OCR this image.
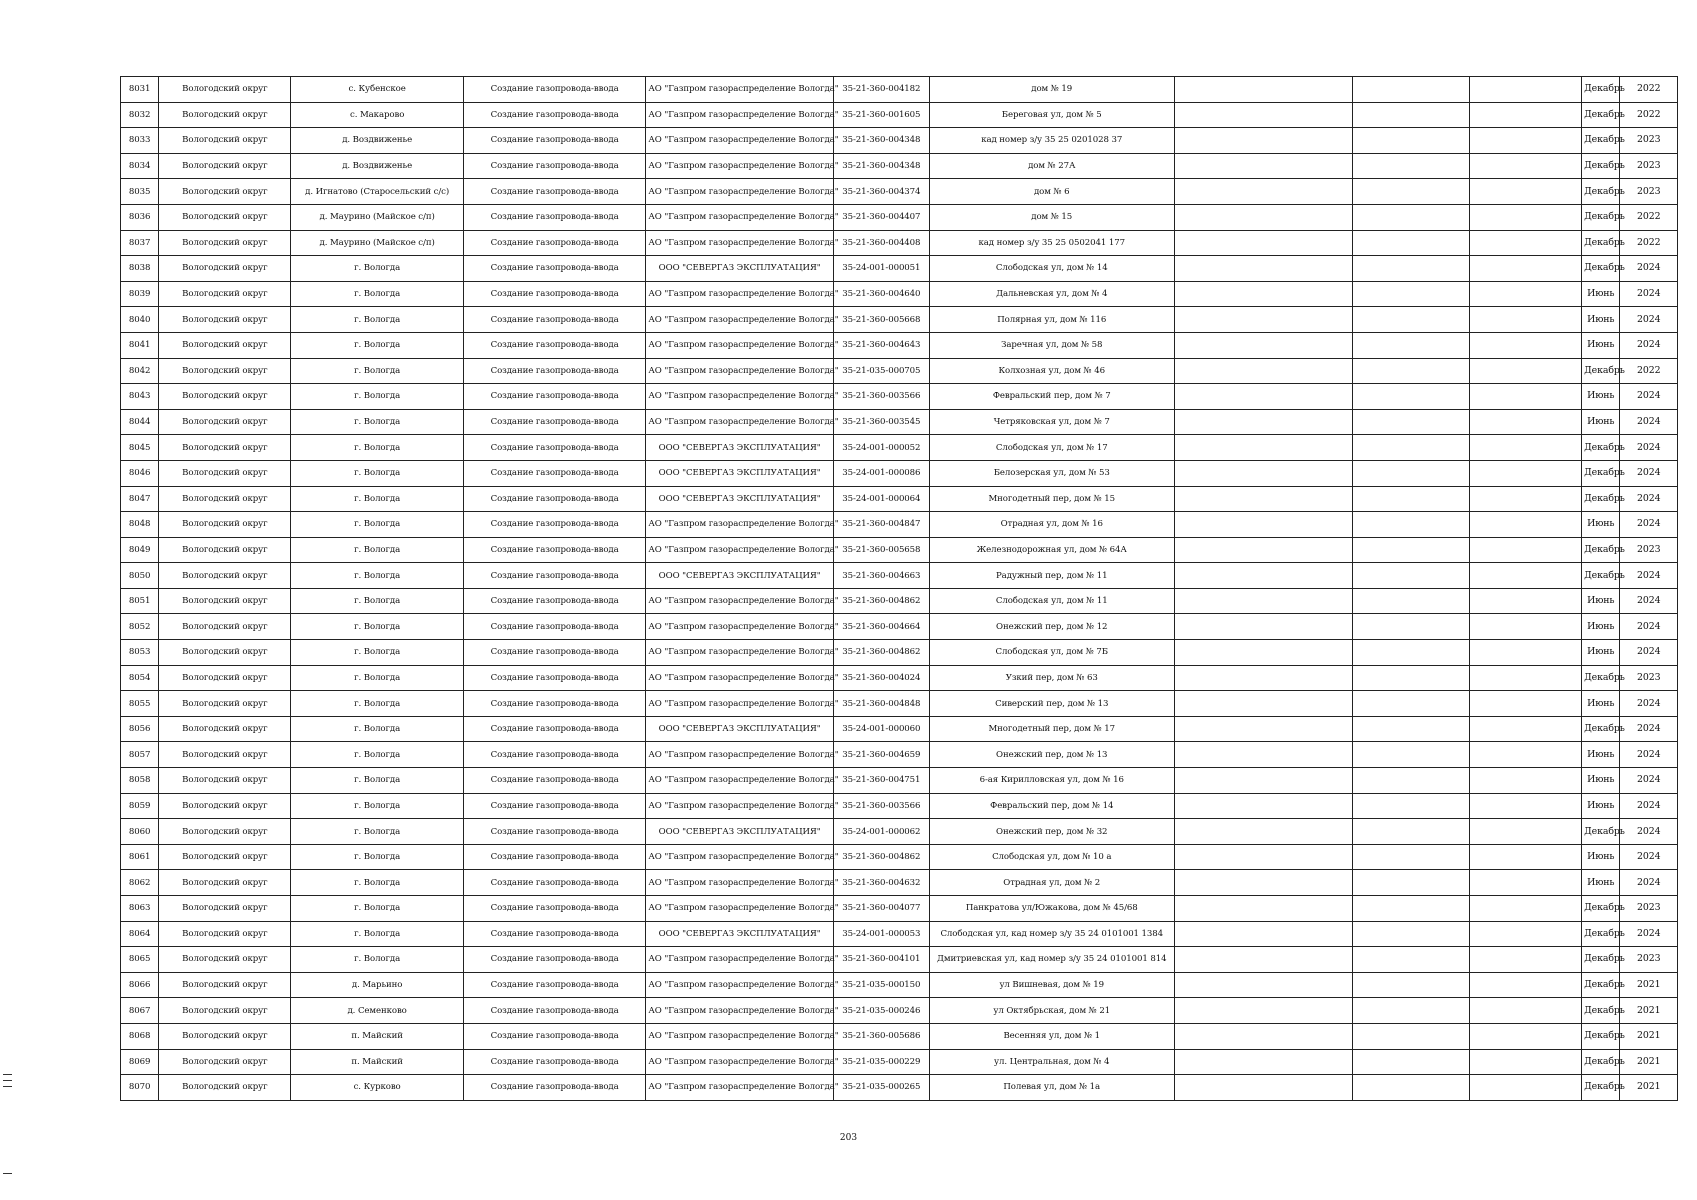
8031	Вологодский округ	с. Кубенское	Создание газопровода-ввода	АО "Газпром газораспределение Вологда"	35-21-360-004182	дом № 19				Декабрь	2022
8032	Вологодский округ	с. Макарово	Создание газопровода-ввода	АО "Газпром газораспределение Вологда"	35-21-360-001605	Береговая ул, дом № 5				Декабрь	2022
8033	Вологодский округ	д. Воздвиженье	Создание газопровода-ввода	АО "Газпром газораспределение Вологда"	35-21-360-004348	кад номер з/у 35 25 0201028 37				Декабрь	2023
8034	Вологодский округ	д. Воздвиженье	Создание газопровода-ввода	АО "Газпром газораспределение Вологда"	35-21-360-004348	дом № 27А				Декабрь	2023
8035	Вологодский округ	д. Игнатово (Старосельский с/с)	Создание газопровода-ввода	АО "Газпром газораспределение Вологда"	35-21-360-004374	дом № 6				Декабрь	2023
8036	Вологодский округ	д. Маурино (Майское с/п)	Создание газопровода-ввода	АО "Газпром газораспределение Вологда"	35-21-360-004407	дом № 15				Декабрь	2022
8037	Вологодский округ	д. Маурино (Майское с/п)	Создание газопровода-ввода	АО "Газпром газораспределение Вологда"	35-21-360-004408	кад номер з/у 35 25 0502041 177				Декабрь	2022
8038	Вологодский округ	г. Вологда	Создание газопровода-ввода	ООО "СЕВЕРГАЗ ЭКСПЛУАТАЦИЯ"	35-24-001-000051	Слободская ул, дом № 14				Декабрь	2024
8039	Вологодский округ	г. Вологда	Создание газопровода-ввода	АО "Газпром газораспределение Вологда"	35-21-360-004640	Дальневская ул, дом № 4				Июнь	2024
8040	Вологодский округ	г. Вологда	Создание газопровода-ввода	АО "Газпром газораспределение Вологда"	35-21-360-005668	Полярная ул, дом № 116				Июнь	2024
8041	Вологодский округ	г. Вологда	Создание газопровода-ввода	АО "Газпром газораспределение Вологда"	35-21-360-004643	Заречная ул, дом № 58				Июнь	2024
8042	Вологодский округ	г. Вологда	Создание газопровода-ввода	АО "Газпром газораспределение Вологда"	35-21-035-000705	Колхозная ул, дом № 46				Декабрь	2022
8043	Вологодский округ	г. Вологда	Создание газопровода-ввода	АО "Газпром газораспределение Вологда"	35-21-360-003566	Февральский пер, дом № 7				Июнь	2024
8044	Вологодский округ	г. Вологда	Создание газопровода-ввода	АО "Газпром газораспределение Вологда"	35-21-360-003545	Четряковская ул, дом № 7				Июнь	2024
8045	Вологодский округ	г. Вологда	Создание газопровода-ввода	ООО "СЕВЕРГАЗ ЭКСПЛУАТАЦИЯ"	35-24-001-000052	Слободская ул, дом № 17				Декабрь	2024
8046	Вологодский округ	г. Вологда	Создание газопровода-ввода	ООО "СЕВЕРГАЗ ЭКСПЛУАТАЦИЯ"	35-24-001-000086	Белозерская ул, дом № 53				Декабрь	2024
8047	Вологодский округ	г. Вологда	Создание газопровода-ввода	ООО "СЕВЕРГАЗ ЭКСПЛУАТАЦИЯ"	35-24-001-000064	Многодетный пер, дом № 15				Декабрь	2024
8048	Вологодский округ	г. Вологда	Создание газопровода-ввода	АО "Газпром газораспределение Вологда"	35-21-360-004847	Отрадная ул, дом № 16				Июнь	2024
8049	Вологодский округ	г. Вологда	Создание газопровода-ввода	АО "Газпром газораспределение Вологда"	35-21-360-005658	Железнодорожная ул, дом № 64А				Декабрь	2023
8050	Вологодский округ	г. Вологда	Создание газопровода-ввода	ООО "СЕВЕРГАЗ ЭКСПЛУАТАЦИЯ"	35-21-360-004663	Радужный пер, дом № 11				Декабрь	2024
8051	Вологодский округ	г. Вологда	Создание газопровода-ввода	АО "Газпром газораспределение Вологда"	35-21-360-004862	Слободская ул, дом № 11				Июнь	2024
8052	Вологодский округ	г. Вологда	Создание газопровода-ввода	АО "Газпром газораспределение Вологда"	35-21-360-004664	Онежский пер, дом № 12				Июнь	2024
8053	Вологодский округ	г. Вологда	Создание газопровода-ввода	АО "Газпром газораспределение Вологда"	35-21-360-004862	Слободская ул, дом № 7Б				Июнь	2024
8054	Вологодский округ	г. Вологда	Создание газопровода-ввода	АО "Газпром газораспределение Вологда"	35-21-360-004024	Узкий пер, дом № 63				Декабрь	2023
8055	Вологодский округ	г. Вологда	Создание газопровода-ввода	АО "Газпром газораспределение Вологда"	35-21-360-004848	Сиверский пер, дом № 13				Июнь	2024
8056	Вологодский округ	г. Вологда	Создание газопровода-ввода	ООО "СЕВЕРГАЗ ЭКСПЛУАТАЦИЯ"	35-24-001-000060	Многодетный пер, дом № 17				Декабрь	2024
8057	Вологодский округ	г. Вологда	Создание газопровода-ввода	АО "Газпром газораспределение Вологда"	35-21-360-004659	Онежский пер, дом № 13				Июнь	2024
8058	Вологодский округ	г. Вологда	Создание газопровода-ввода	АО "Газпром газораспределение Вологда"	35-21-360-004751	6-ая Кирилловская ул, дом № 16				Июнь	2024
8059	Вологодский округ	г. Вологда	Создание газопровода-ввода	АО "Газпром газораспределение Вологда"	35-21-360-003566	Февральский пер, дом № 14				Июнь	2024
8060	Вологодский округ	г. Вологда	Создание газопровода-ввода	ООО "СЕВЕРГАЗ ЭКСПЛУАТАЦИЯ"	35-24-001-000062	Онежский пер, дом № 32				Декабрь	2024
8061	Вологодский округ	г. Вологда	Создание газопровода-ввода	АО "Газпром газораспределение Вологда"	35-21-360-004862	Слободская ул, дом № 10 а				Июнь	2024
8062	Вологодский округ	г. Вологда	Создание газопровода-ввода	АО "Газпром газораспределение Вологда"	35-21-360-004632	Отрадная ул, дом № 2				Июнь	2024
8063	Вологодский округ	г. Вологда	Создание газопровода-ввода	АО "Газпром газораспределение Вологда"	35-21-360-004077	Панкратова ул/Южакова, дом № 45/68				Декабрь	2023
8064	Вологодский округ	г. Вологда	Создание газопровода-ввода	ООО "СЕВЕРГАЗ ЭКСПЛУАТАЦИЯ"	35-24-001-000053	Слободская ул, кад номер з/у 35 24 0101001 1384				Декабрь	2024
8065	Вологодский округ	г. Вологда	Создание газопровода-ввода	АО "Газпром газораспределение Вологда"	35-21-360-004101	Дмитриевская ул, кад номер з/у 35 24 0101001 814				Декабрь	2023
8066	Вологодский округ	д. Марьино	Создание газопровода-ввода	АО "Газпром газораспределение Вологда"	35-21-035-000150	ул Вишневая, дом № 19				Декабрь	2021
8067	Вологодский округ	д. Семенково	Создание газопровода-ввода	АО "Газпром газораспределение Вологда"	35-21-035-000246	ул Октябрьская, дом № 21				Декабрь	2021
8068	Вологодский округ	п. Майский	Создание газопровода-ввода	АО "Газпром газораспределение Вологда"	35-21-360-005686	Весенняя ул, дом № 1				Декабрь	2021
8069	Вологодский округ	п. Майский	Создание газопровода-ввода	АО "Газпром газораспределение Вологда"	35-21-035-000229	ул. Центральная, дом № 4				Декабрь	2021
8070	Вологодский округ	с. Курково	Создание газопровода-ввода	АО "Газпром газораспределение Вологда"	35-21-035-000265	Полевая ул, дом № 1а				Декабрь	2021
203
